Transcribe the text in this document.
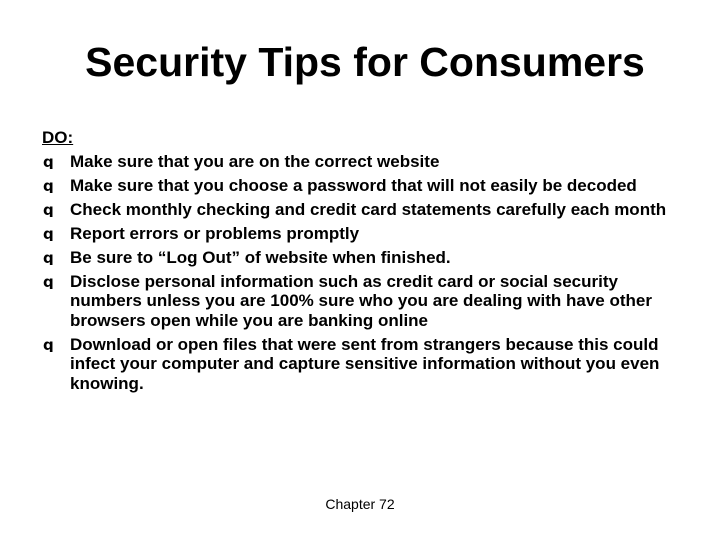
Security Tips for Consumers
DO:
q Make sure that you are on the correct website
q Make sure that you choose a password that will not easily be decoded
q Check monthly checking and credit card statements carefully each month
q Report errors or problems promptly
q Be sure to “Log Out” of website when finished.
q Disclose personal information such as credit card or social security numbers unless you are 100% sure who you are dealing with have other browsers open while you are banking online
q Download or open files that were sent from strangers because this could infect your computer and capture sensitive information without you even knowing.
Chapter 72
